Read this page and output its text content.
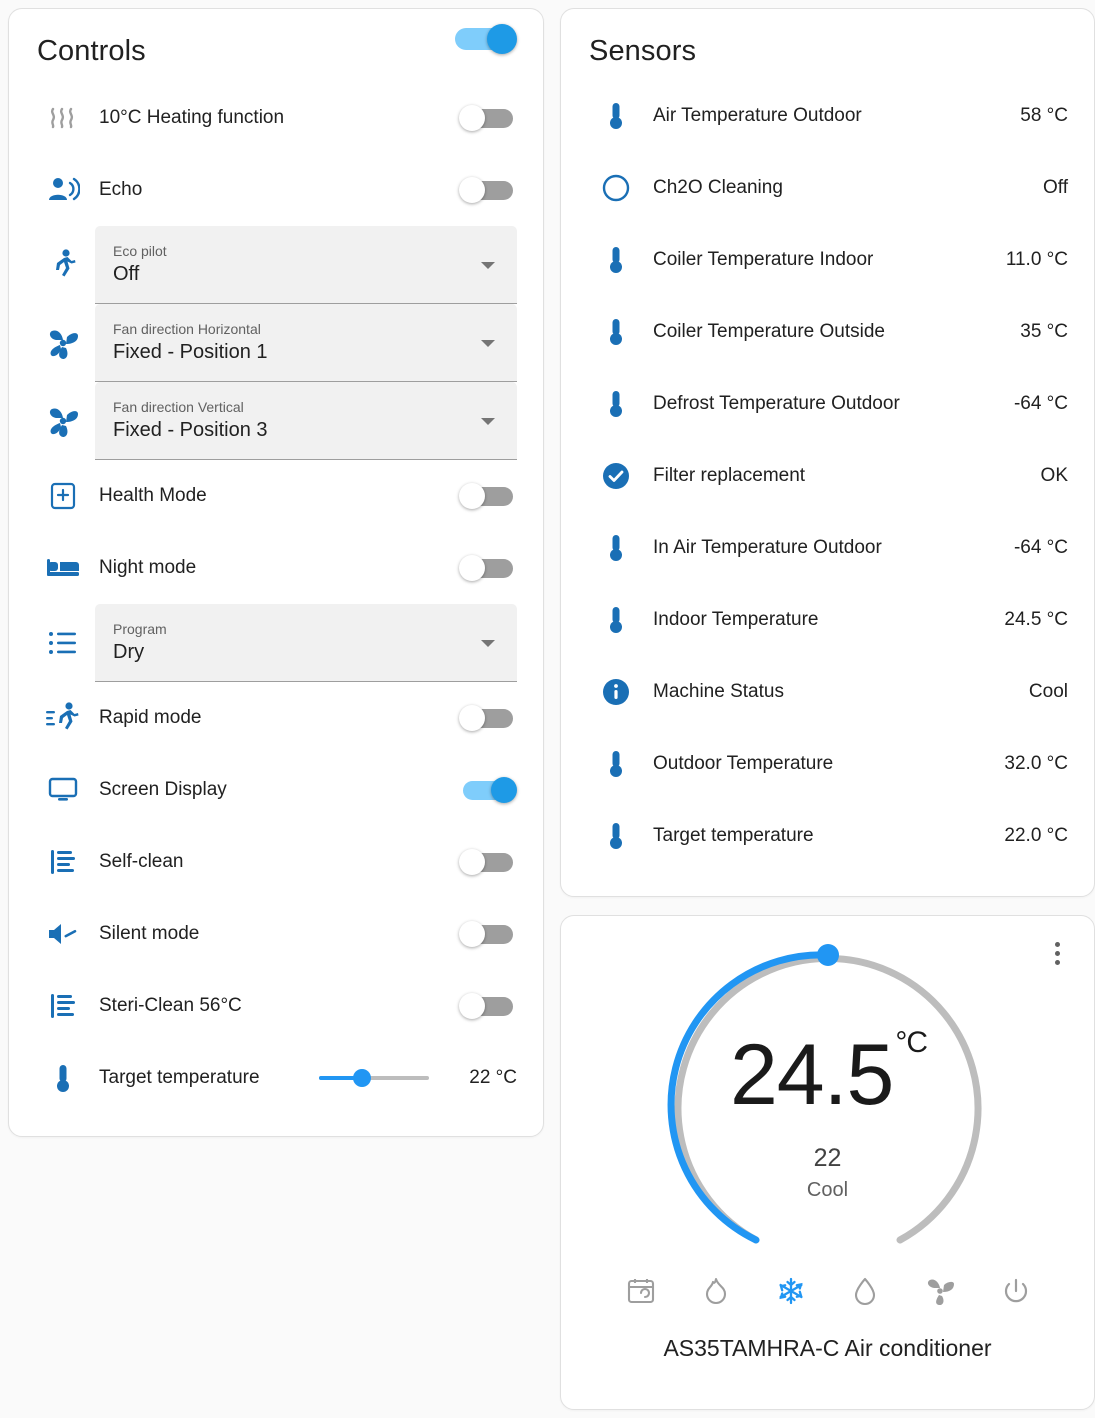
Controls
10°C Heating function
Echo
Eco pilot
Off
Fan direction Horizontal
Fixed - Position 1
Fan direction Vertical
Fixed - Position 3
Health Mode
Night mode
Program
Dry
Rapid mode
Screen Display
Self-clean
Silent mode
Steri-Clean 56°C
Target temperature	22 °C
Sensors
Air Temperature Outdoor	58 °C
Ch2O Cleaning	Off
Coiler Temperature Indoor	11.0 °C
Coiler Temperature Outside	35 °C
Defrost Temperature Outdoor	-64 °C
Filter replacement	OK
In Air Temperature Outdoor	-64 °C
Indoor Temperature	24.5 °C
Machine Status	Cool
Outdoor Temperature	32.0 °C
Target temperature	22.0 °C
$24.5^{^\circ C}$
22
Cool
AS35TAMHRA-C Air conditioner
